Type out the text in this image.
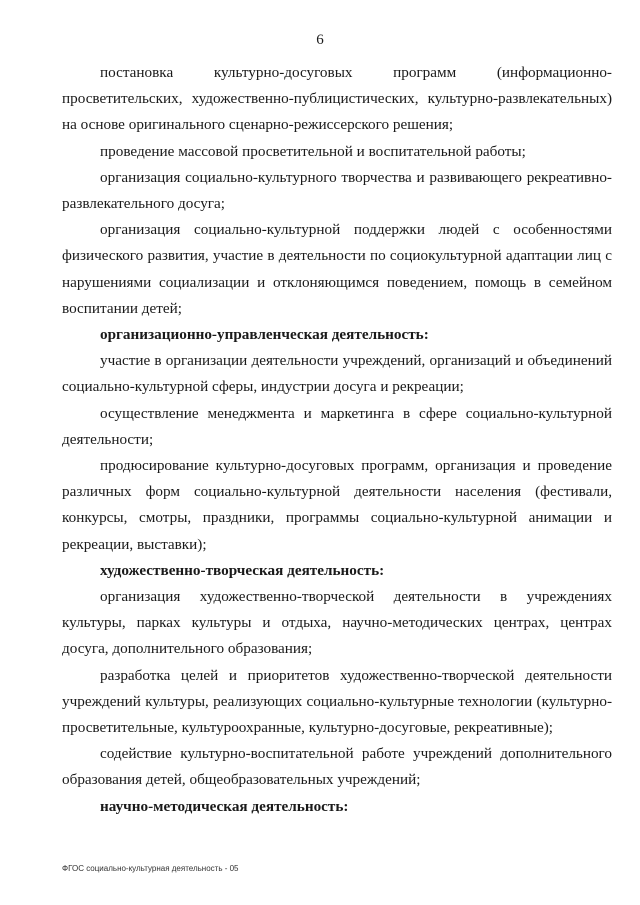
6

постановка культурно-досуговых программ (информационно-просветительских, художественно-публицистических, культурно-развлекательных) на основе оригинального сценарно-режиссерского решения;

проведение массовой просветительной и воспитательной работы;

организация социально-культурного творчества и развивающего рекреативно-развлекательного досуга;

организация социально-культурной поддержки людей с особенностями физического развития, участие в деятельности по социокультурной адаптации лиц с нарушениями социализации и отклоняющимся поведением, помощь в семейном воспитании детей;

организационно-управленческая деятельность:

участие в организации деятельности учреждений, организаций и объединений социально-культурной сферы, индустрии досуга и рекреации;

осуществление менеджмента и маркетинга в сфере социально-культурной деятельности;

продюсирование культурно-досуговых программ, организация и проведение различных форм социально-культурной деятельности населения (фестивали, конкурсы, смотры, праздники, программы социально-культурной анимации и рекреации, выставки);

художественно-творческая деятельность:

организация художественно-творческой деятельности в учреждениях культуры, парках культуры и отдыха, научно-методических центрах, центрах досуга, дополнительного образования;

разработка целей и приоритетов художественно-творческой деятельности учреждений культуры, реализующих социально-культурные технологии (культурно-просветительные, культуроохранные, культурно-досуговые, рекреативные);

содействие культурно-воспитательной работе учреждений дополнительного образования детей, общеобразовательных учреждений;

научно-методическая деятельность:

ФГОС социально-культурная деятельность - 05
